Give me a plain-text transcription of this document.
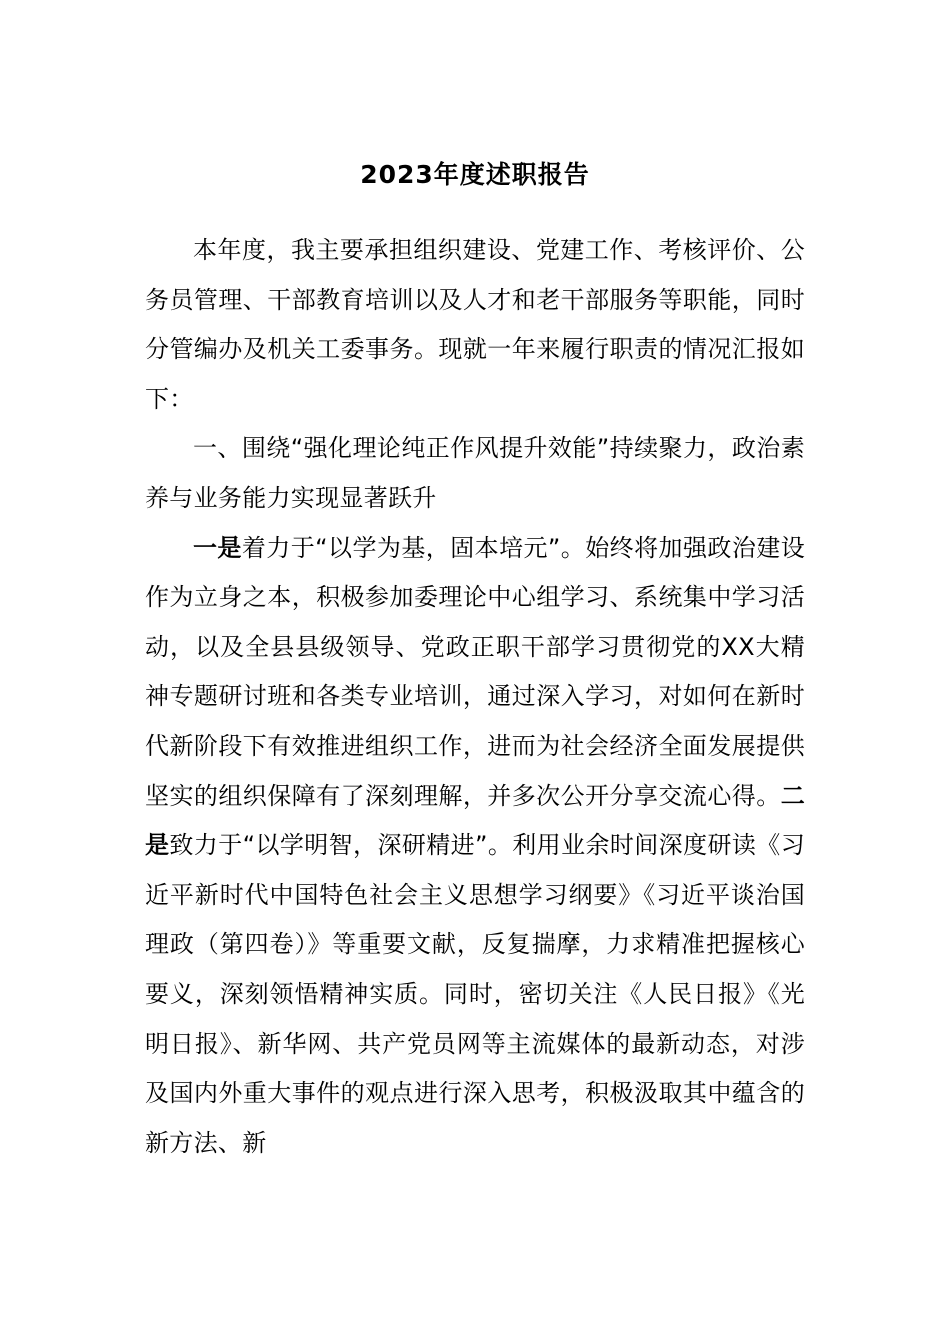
2023年度述职报告

本年度，我主要承担组织建设、党建工作、考核评价、公务员管理、干部教育培训以及人才和老干部服务等职能，同时分管编办及机关工委事务。现就一年来履行职责的情况汇报如下：

一、围绕“强化理论纯正作风提升效能”持续聚力，政治素养与业务能力实现显著跃升

一是着力于“以学为基，固本培元”。始终将加强政治建设作为立身之本，积极参加委理论中心组学习、系统集中学习活动，以及全县县级领导、党政正职干部学习贯彻党的XX大精神专题研讨班和各类专业培训，通过深入学习，对如何在新时代新阶段下有效推进组织工作，进而为社会经济全面发展提供坚实的组织保障有了深刻理解，并多次公开分享交流心得。二是致力于“以学明智，深研精进”。利用业余时间深度研读《习近平新时代中国特色社会主义思想学习纲要》《习近平谈治国理政（第四卷）》等重要文献，反复揣摩，力求精准把握核心要义，深刻领悟精神实质。同时，密切关注《人民日报》《光明日报》、新华网、共产党员网等主流媒体的最新动态，对涉及国内外重大事件的观点进行深入思考，积极汲取其中蕴含的新方法、新
